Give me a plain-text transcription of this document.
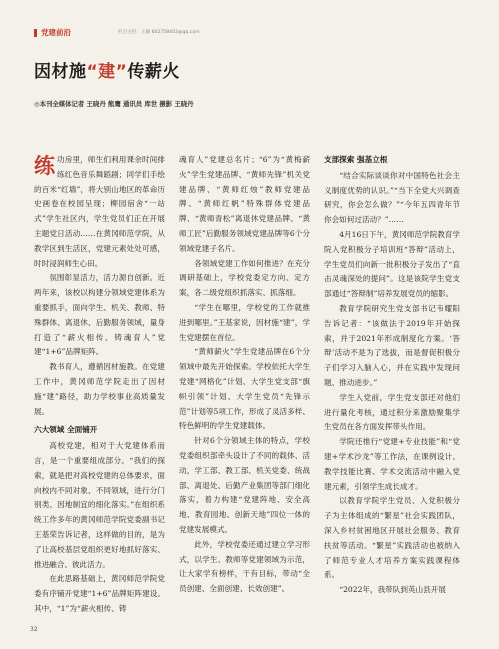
党建前沿	栏目主持：王敏 602758402@qq.com
因材施“建”传薪火
◎本刊全媒体记者 王晓丹 熊鹰 通讯员 库世 摄影 王晓丹

练功房里，师生们利用课余时间排练红色音乐舞蹈剧；同学们手绘的百米“红墙”，将大别山地区的革命历史画卷在校园呈现；柳园宿舍“一站式”学生社区内，学生党员们正在开展主题党日活动……在黄冈师范学院，从教学区到生活区，党建元素处处可感，时时浸润师生心田。

氛围彰显活力，活力源自创新。近两年来，该校以构建分领域党建体系为重要抓手，面向学生、机关、教师、特殊群体、离退休、后勤服务领域，量身打造了“薪火相传、铸魂育人”党建“1+6”品牌矩阵。

教书育人，遵循因材施教。在党建工作中，黄冈师范学院走出了因材施“建”路径，助力学校事业高质量发展。

六大领域 全面铺开

高校党建，相对于大党建体系而言，是一个重要组成部分。“我们的探索，就是把对高校党建的总体要求，面向校内不同对象、不同领域，进行分门别类、因地制宜的细化落实。”在组织系统工作多年的黄冈师范学院党委副书记王基荣告诉记者，这样做的目的，是为了让高校基层党组织更好地抓好落实、推进融合、彼此活力。

在此思路基础上，黄冈师范学院党委有序铺开党建“1+6”品牌矩阵建设。其中，“1”为“薪火相传、铸

魂育人”党建总名片；“6”为“黄梅薪火”学生党建品牌、“黄师先锋”机关党建品牌、“黄师红烛”教师党建品牌、“黄师红帆”特殊群体党建品牌、“黄师青松”离退休党建品牌、“黄师工匠”后勤服务领域党建品牌等6个分领域党建子名片。

各领域党建工作如何推进？在充分调研基础上，学校党委定方向、定方案，各二级党组织抓落实、抓落细。

“学生在哪里，学校党的工作就推进到哪里。”王基家说，因材施“建”，学生党建摆在首位。

“黄师薪火”学生党建品牌在6个分领域中最先开始探索。学校依托大学生党建“网格化”计划、大学生党支部“旗帜引领”计划、大学生党员“先锋示范”计划等5项工作，形成了灵活多样、特色鲜明的学生党建载体。

针对6个分领域主体的特点，学校党委组织部牵头设计了不同的载体、活动，学工部、教工部、机关党委、统战部、离退处、后勤产业集团等部门细化落实，着力构建“党建阵地、安全高地、教育园地、创新天地”四位一体的党建发展模式。

此外，学校党委还通过建立学习形式，以学生、教师等党建领域为示范，让大家学有榜样，干有目标，带动“全员创建、全面创建、长效创建”。

支部探索 强基立根

“结合实际谈谈你对中国特色社会主义制度优势的认识。”“当下全党大兴调查研究，你会怎么做？”“今年五四青年节你会如何过活动？”……

4月16日下午，黄冈师范学院教育学院入党积极分子培训班“答辩”活动上，学生党员们向新一批积极分子发出了“直击灵魂深处的提问”。这是该院学生党支部通过“答辩制”培养发展党员的缩影。

教育学院研究生党支部书记韦耀阳告诉记者：“该做法于2019年开始探索，并于2021年形成制度化方案。‘答辩’活动不是为了选拔，而是督促积极分子们学习入脑入心，并在实践中发现问题、推动进步。”

学生入党前，学生党支部还对他们进行量化考核，通过积分来激励聚集学生党员在各方面发挥带头作用。

学院还推行“党建+专业技能”和“党建+学术沙龙”等工作法，在课例设计、教学技能比赛、学术交流活动中融入党建元素，引领学生成长成才。

以教育学院学生党员、入党积极分子为主体组成的“繁星”社会实践团队，深入乡村贫困地区开展社会服务、教育扶贫等活动。“繁星”实践活动也被纳入了师范专业人才培养方案实践课程体系。

“2022年，我带队到英山县开展

32
